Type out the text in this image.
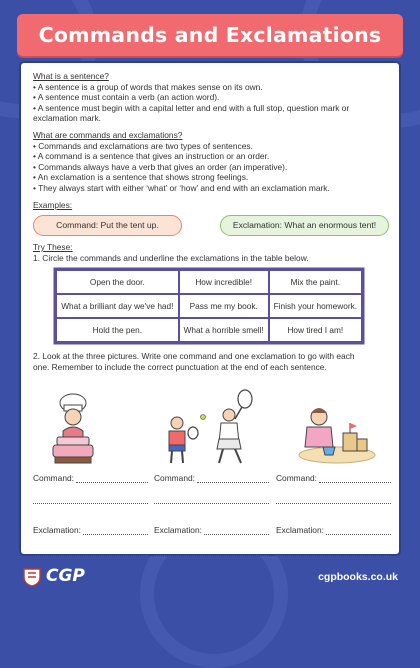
Commands and Exclamations

What is a sentence?

• A sentence is a group of words that makes sense on its own.

• A sentence must contain a verb (an action word).

• A sentence must begin with a capital letter and end with a full stop, question mark or

exclamation mark.

What are commands and exclamations?

• Commands and exclamations are two types of sentences.

• A command is a sentence that gives an instruction or an order.

• Commands always have a verb that gives an order (an imperative).

• An exclamation is a sentence that shows strong feelings.

• They always start with either ‘what’ or ‘how’ and end with an exclamation mark.

Examples:

Command: Put the tent up.	Exclamation: What an enormous tent!

Try These:

1. Circle the commands and underline the exclamations in the table below.

Open the door.	How incredible!	Mix the paint.
What a brilliant day we've had!	Pass me my book.	Finish your homework.
Hold the pen.	What a horrible smell!	How tired I am!

2. Look at the three pictures. Write one command and one exclamation to go with each

one. Remember to include the correct punctuation at the end of each sentence.

Command:
Exclamation:
Command:
Exclamation:
Command:
Exclamation:
CGP	cgpbooks.co.uk
